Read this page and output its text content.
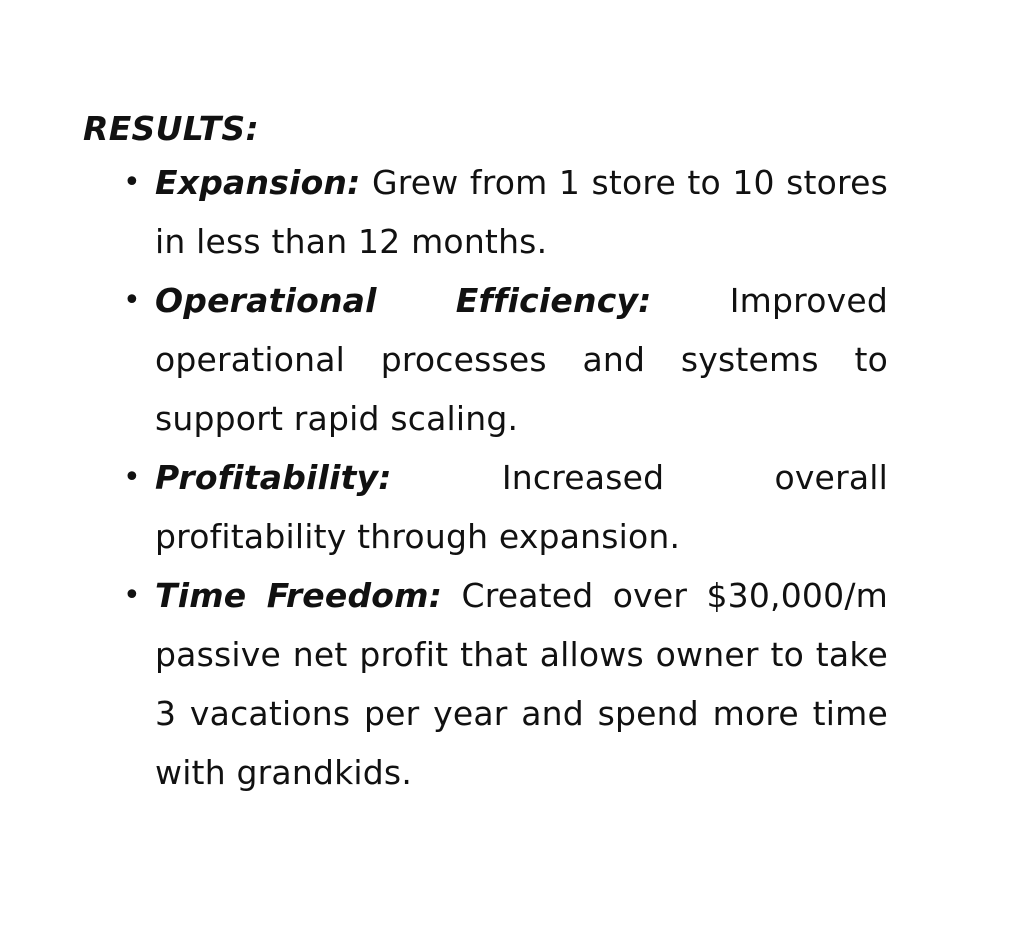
RESULTS:
• Expansion: Grew from 1 store to 10 stores in less than 12 months.
• Operational Efficiency: Improved operational processes and systems to support rapid scaling.
• Profitability:	Increased overall profitability through expansion.
• Time Freedom: Created over $30,000/m passive net profit that allows owner to take 3 vacations per year and spend more time with grandkids.
